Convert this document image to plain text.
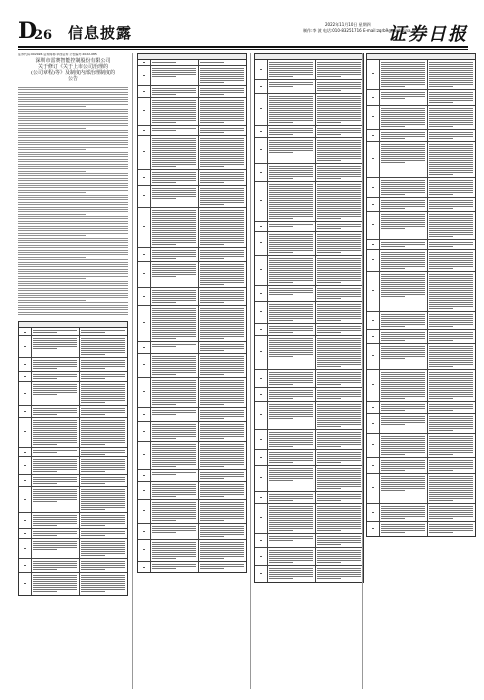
D
26 信息披露	2022年11月10日 星期四
制作:李 波 电话:010-83251716 E-mail:zqrb9@zqrb.sina.net
证券日报
证券代码:002926 证券简称:华西证券 公告编号:2022-085
深圳市雷赛智能控制股份有限公司
关于修订《关于上市公司治理的
(公司章程)等》及制度内部治理制度的
公告
